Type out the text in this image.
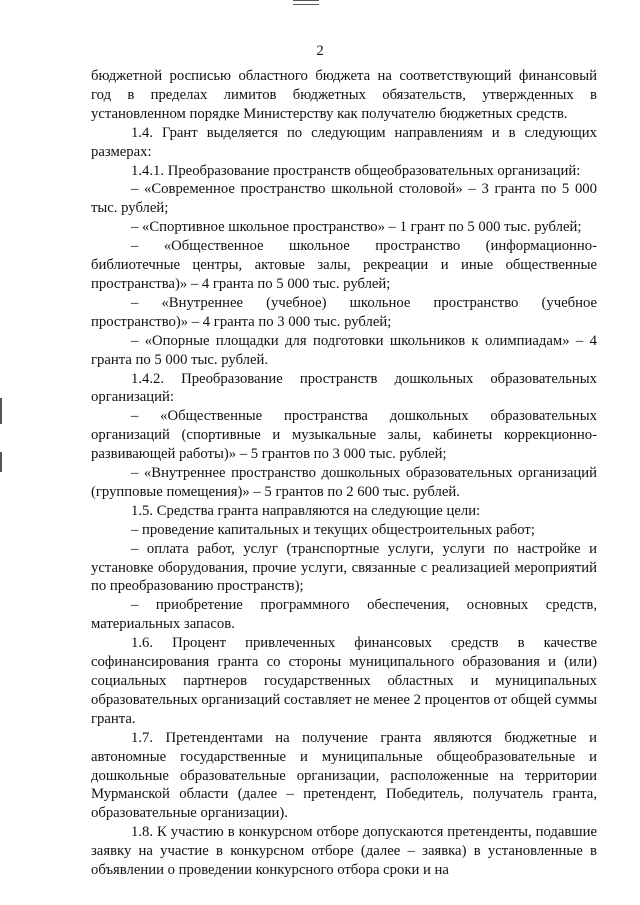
2

бюджетной росписью областного бюджета на соответствующий финансовый год в пределах лимитов бюджетных обязательств, утвержденных в установленном порядке Министерству как получателю бюджетных средств.

1.4. Грант выделяется по следующим направлениям и в следующих размерах:

1.4.1. Преобразование пространств общеобразовательных организаций:

– «Современное пространство школьной столовой» – 3 гранта по 5 000 тыс. рублей;

– «Спортивное школьное пространство» – 1 грант по 5 000 тыс. рублей;

– «Общественное школьное пространство (информационно-библиотечные центры, актовые залы, рекреации и иные общественные пространства)» – 4 гранта по 5 000 тыс. рублей;

– «Внутреннее (учебное) школьное пространство (учебное пространство)» – 4 гранта по 3 000 тыс. рублей;

– «Опорные площадки для подготовки школьников к олимпиадам» – 4 гранта по 5 000 тыс. рублей.

1.4.2. Преобразование пространств дошкольных образовательных организаций:

– «Общественные пространства дошкольных образовательных организаций (спортивные и музыкальные залы, кабинеты коррекционно-развивающей работы)» – 5 грантов по 3 000 тыс. рублей;

– «Внутреннее пространство дошкольных образовательных организаций (групповые помещения)» – 5 грантов по 2 600 тыс. рублей.

1.5. Средства гранта направляются на следующие цели:

– проведение капитальных и текущих общестроительных работ;

– оплата работ, услуг (транспортные услуги, услуги по настройке и установке оборудования, прочие услуги, связанные с реализацией мероприятий по преобразованию пространств);

– приобретение программного обеспечения, основных средств, материальных запасов.

1.6. Процент привлеченных финансовых средств в качестве софинансирования гранта со стороны муниципального образования и (или) социальных партнеров государственных областных и муниципальных образовательных организаций составляет не менее 2 процентов от общей суммы гранта.

1.7. Претендентами на получение гранта являются бюджетные и автономные государственные и муниципальные общеобразовательные и дошкольные образовательные организации, расположенные на территории Мурманской области (далее – претендент, Победитель, получатель гранта, образовательные организации).

1.8. К участию в конкурсном отборе допускаются претенденты, подавшие заявку на участие в конкурсном отборе (далее – заявка) в установленные в объявлении о проведении конкурсного отбора сроки и на
